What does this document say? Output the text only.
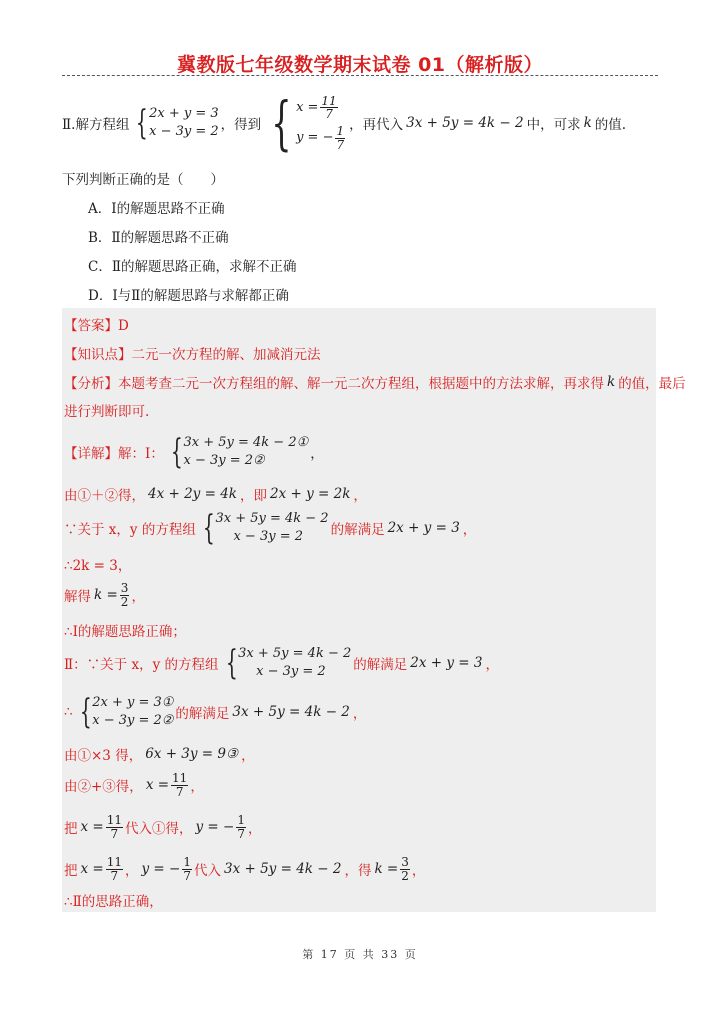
冀教版七年级数学期末试卷 01（解析版）
Ⅱ.解方程组 { 2x + y = 3
x − 3y = 2 ，得到 { $x = \frac{11}{7}$
y = − $\frac{1}{7}$ ，再代入 3x + 5y = 4k − 2 中，可求 k 的值.
下列判断正确的是（　　）
A．Ⅰ的解题思路不正确
B．Ⅱ的解题思路不正确
C．Ⅱ的解题思路正确，求解不正确
D．Ⅰ与Ⅱ的解题思路与求解都正确
【答案】D
【知识点】二元一次方程的解、加减消元法
【分析】本题考查二元一次方程组的解、解一元二次方程组，根据题中的方法求解，再求得 k 的值，最后
进行判断即可.
【详解】解：Ⅰ： { 3x + 5y = 4k − 2①
x − 3y = 2②	，
由①＋②得， 4x + 2y = 4k ，即 2x + y = 2k ，
∵关于 x，y 的方程组 { 3x + 5y = 4k − 2
x − 3y = 2	的解满足 2x + y = 3 ，
∴2k = 3，
解得 $k = \frac{3}{2}$ ，
∴Ⅰ的解题思路正确；
Ⅱ：∵关于 x，y 的方程组 { 3x + 5y = 4k − 2
x − 3y = 2	的解满足 2x + y = 3 ，
∴ { 2x + y = 3①
x − 3y = 2② 的解满足 3x + 5y = 4k − 2 ，
由①×3 得， 6x + 3y = 9③ ，
由②+③得， $x = \frac{11}{7}$ ，
把 $x = \frac{11}{7}$ 代入①得， y = − $\frac{1}{7}$ ，
把 $x = \frac{11}{7}$ ， y = − $\frac{1}{7}$ 代入 3x + 5y = 4k − 2 ，得 $k = \frac{3}{2}$ ，
∴Ⅱ的思路正确，
第 17 页 共 33 页
